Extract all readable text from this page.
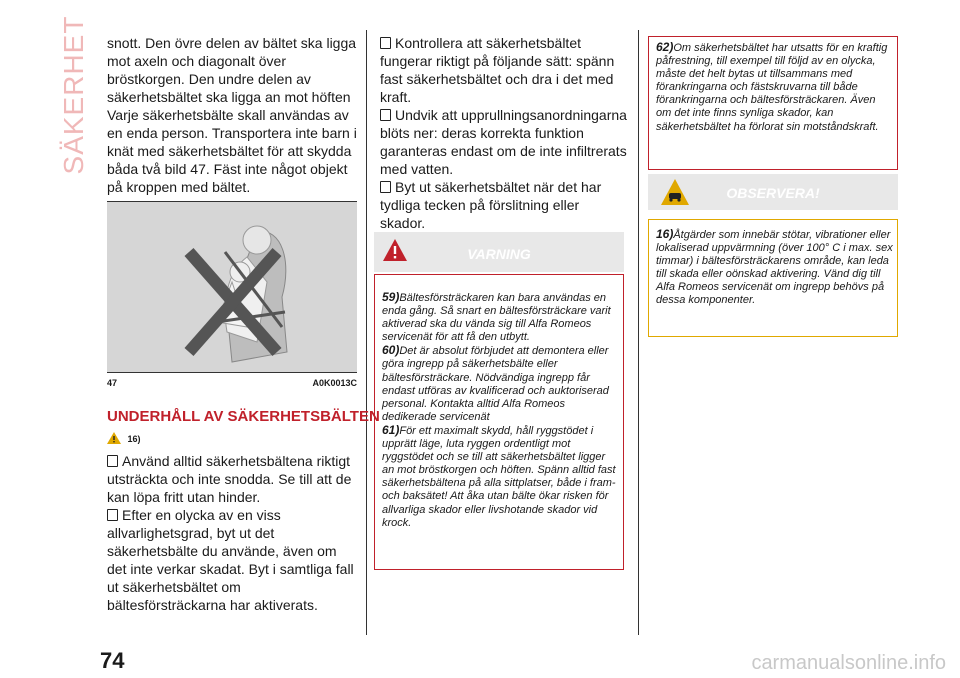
SÄKERHET snott. Den övre delen av bältet ska ligga mot axeln och diagonalt över bröstkorgen. Den undre delen av säkerhetsbältet ska ligga an mot höften Varje säkerhetsbälte skall användas av en enda person. Transportera inte barn i knät med säkerhetsbältet för att skydda båda två bild 47. Fäst inte något objekt på kroppen med bältet.

47	A0K0013C
UNDERHÅLL AV SÄKERHETSBÄLTEN
16)

Använd alltid säkerhetsbältena riktigt utsträckta och inte snodda. Se till att de kan löpa fritt utan hinder.

Efter en olycka av en viss allvarlighetsgrad, byt ut det säkerhetsbälte du använde, även om det inte verkar skadat. Byt i samtliga fall ut säkerhetsbältet om bältesförsträckarna har aktiverats.

Kontrollera att säkerhetsbältet fungerar riktigt på följande sätt: spänn fast säkerhetsbältet och dra i det med kraft.

Undvik att upprullningsanordningarna blöts ner: deras korrekta funktion garanteras endast om de inte infiltrerats med vatten.

Byt ut säkerhetsbältet när det har tydliga tecken på förslitning eller skador.

VARNING
59)Bältesförsträckaren kan bara användas en enda gång. Så snart en bältesförsträckare varit aktiverad ska du vända sig till Alfa Romeos servicenät för att få den utbytt.
60)Det är absolut förbjudet att demontera eller göra ingrepp på säkerhetsbälte eller bältesförsträckare. Nödvändiga ingrepp får endast utföras av kvalificerad och auktoriserad personal. Kontakta alltid Alfa Romeos dedikerade servicenät
61)För ett maximalt skydd, håll ryggstödet i upprätt läge, luta ryggen ordentligt mot ryggstödet och se till att säkerhetsbältet ligger an mot bröstkorgen och höften. Spänn alltid fast säkerhetsbältena på alla sittplatser, både i fram- och baksätet! Att åka utan bälte ökar risken för allvarliga skador eller livshotande skador vid krock.
62)Om säkerhetsbältet har utsatts för en kraftig påfrestning, till exempel till följd av en olycka, måste det helt bytas ut tillsammans med förankringarna och fästskruvarna till både förankringarna och bältesförsträckaren. Även om det inte finns synliga skador, kan säkerhetsbältet ha förlorat sin motståndskraft.
OBSERVERA!
16)Åtgärder som innebär stötar, vibrationer eller lokaliserad uppvärmning (över 100° C i max. sex timmar) i bältesförsträckarens område, kan leda till skada eller oönskad aktivering. Vänd dig till Alfa Romeos servicenät om ingrepp behövs på dessa komponenter.
74	carmanualsonline.info
